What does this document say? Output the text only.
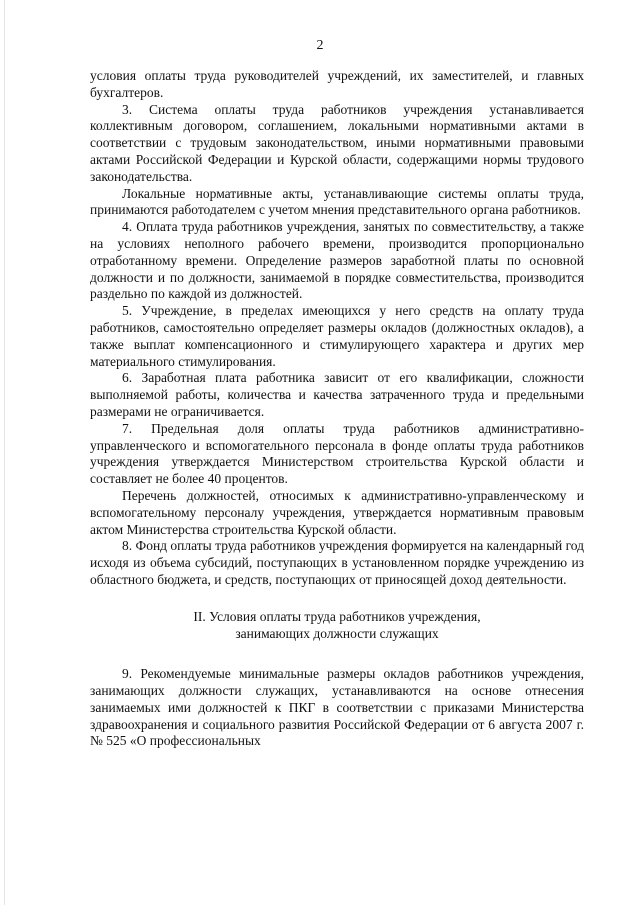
2

условия оплаты труда руководителей учреждений, их заместителей, и главных бухгалтеров.

3. Система оплаты труда работников учреждения устанавливается коллективным договором, соглашением, локальными нормативными актами в соответствии с трудовым законодательством, иными нормативными правовыми актами Российской Федерации и Курской области, содержащими нормы трудового законодательства.

Локальные нормативные акты, устанавливающие системы оплаты труда, принимаются работодателем с учетом мнения представительного органа работников.

4. Оплата труда работников учреждения, занятых по совместительству, а также на условиях неполного рабочего времени, производится пропорционально отработанному времени. Определение размеров заработной платы по основной должности и по должности, занимаемой в порядке совместительства, производится раздельно по каждой из должностей.

5. Учреждение, в пределах имеющихся у него средств на оплату труда работников, самостоятельно определяет размеры окладов (должностных окладов), а также выплат компенсационного и стимулирующего характера и других мер материального стимулирования.

6. Заработная плата работника зависит от его квалификации, сложности выполняемой работы, количества и качества затраченного труда и предельными размерами не ограничивается.

7. Предельная доля оплаты труда работников административно-управленческого и вспомогательного персонала в фонде оплаты труда работников учреждения утверждается Министерством строительства Курской области и составляет не более 40 процентов.

Перечень должностей, относимых к административно-управленческому и вспомогательному персоналу учреждения, утверждается нормативным правовым актом Министерства строительства Курской области.

8. Фонд оплаты труда работников учреждения формируется на календарный год исходя из объема субсидий, поступающих в установленном порядке учреждению из областного бюджета, и средств, поступающих от приносящей доход деятельности.

II. Условия оплаты труда работников учреждения,
занимающих должности служащих

9. Рекомендуемые минимальные размеры окладов работников учреждения, занимающих должности служащих, устанавливаются на основе отнесения занимаемых ими должностей к ПКГ в соответствии с приказами Министерства здравоохранения и социального развития Российской Федерации от 6 августа 2007 г. № 525 «О профессиональных
